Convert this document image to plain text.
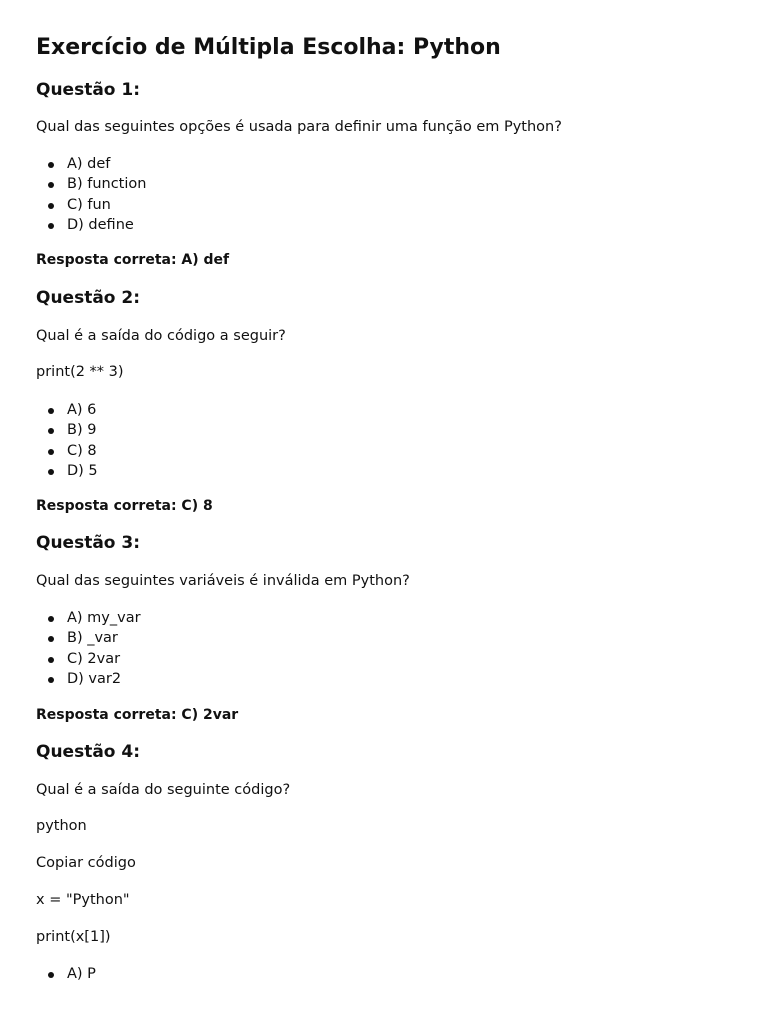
Exercício de Múltipla Escolha: Python
Questão 1:

Qual das seguintes opções é usada para definir uma função em Python?

A) def
B) function
C) fun
D) define

Resposta correta: A) def

Questão 2:

Qual é a saída do código a seguir?

print(2 ** 3)

A) 6
B) 9
C) 8
D) 5

Resposta correta: C) 8

Questão 3:

Qual das seguintes variáveis é inválida em Python?

A) my_var
B) _var
C) 2var
D) var2

Resposta correta: C) 2var

Questão 4:

Qual é a saída do seguinte código?

python

Copiar código

x = "Python"

print(x[1])

A) P
